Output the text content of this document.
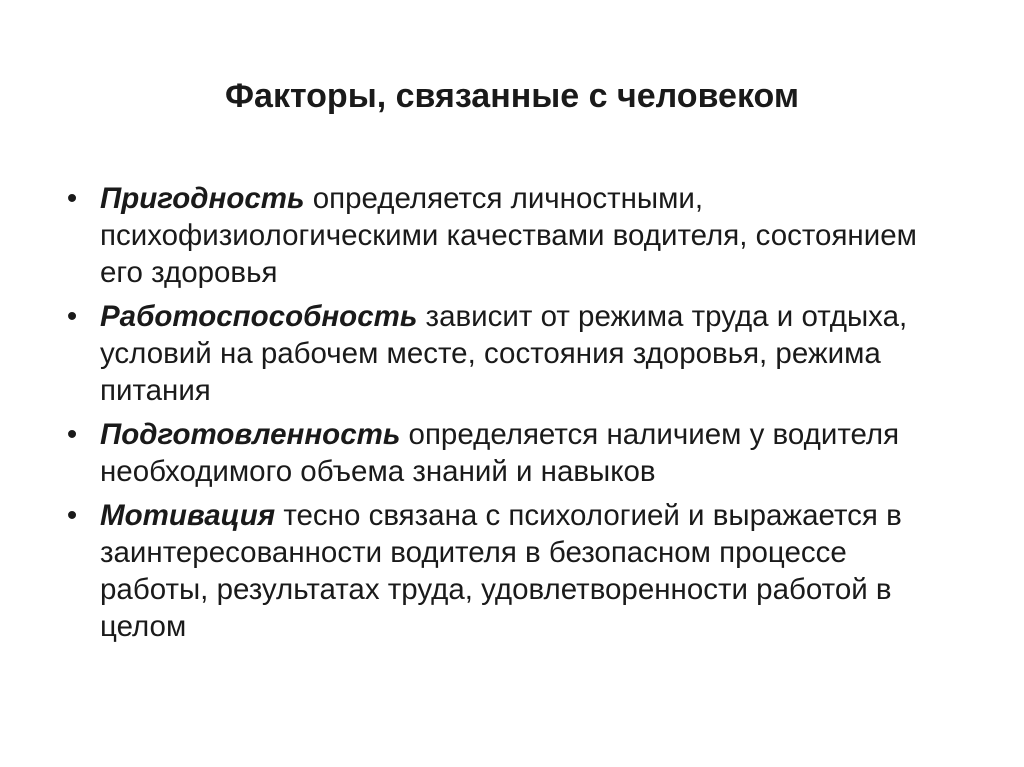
Факторы, связанные с человеком
• Пригодность определяется личностными, психофизиологическими качествами водителя, состоянием его здоровья
• Работоспособность зависит от режима труда и отдыха, условий на рабочем месте, состояния здоровья, режима питания
• Подготовленность определяется наличием у водителя необходимого объема знаний и навыков
• Мотивация тесно связана с психологией и выражается в заинтересованности водителя в безопасном процессе работы, результатах труда, удовлетворенности работой в целом
